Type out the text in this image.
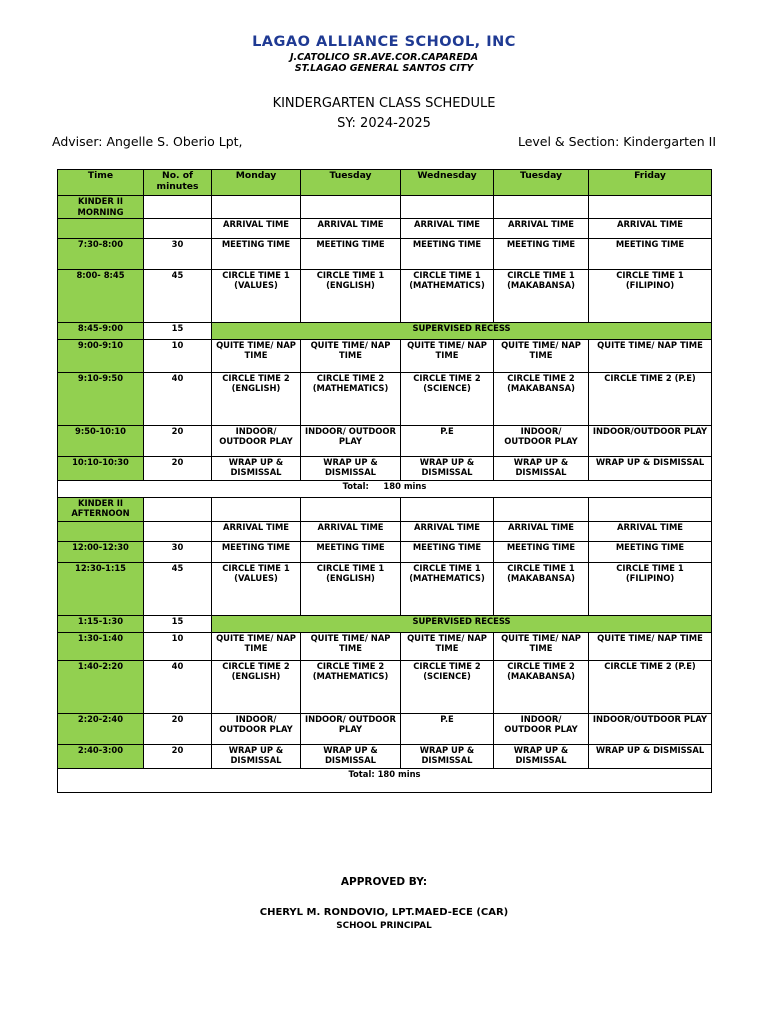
LAGAO ALLIANCE SCHOOL, INC
J.CATOLICO SR.AVE.COR.CAPAREDA
ST.LAGAO GENERAL SANTOS CITY
KINDERGARTEN CLASS SCHEDULE
SY: 2024-2025
Adviser: Angelle S. Oberio Lpt,	Level & Section: Kindergarten II
Time	No. of minutes	Monday	Tuesday	Wednesday	Tuesday	Friday
KINDER II MORNING						
		ARRIVAL TIME	ARRIVAL TIME	ARRIVAL TIME	ARRIVAL TIME	ARRIVAL TIME
7:30-8:00	30	MEETING TIME	MEETING TIME	MEETING TIME	MEETING TIME	MEETING TIME
8:00- 8:45	45	CIRCLE TIME 1 (VALUES)	CIRCLE TIME 1 (ENGLISH)	CIRCLE TIME 1 (MATHEMATICS)	CIRCLE TIME 1 (MAKABANSA)	CIRCLE TIME 1 (FILIPINO)
8:45-9:00	15	SUPERVISED RECESS				
9:00-9:10	10	QUITE TIME/ NAP TIME	QUITE TIME/ NAP TIME	QUITE TIME/ NAP TIME	QUITE TIME/ NAP TIME	QUITE TIME/ NAP TIME
9:10-9:50	40	CIRCLE TIME 2 (ENGLISH)	CIRCLE TIME 2 (MATHEMATICS)	CIRCLE TIME 2 (SCIENCE)	CIRCLE TIME 2 (MAKABANSA)	CIRCLE TIME 2 (P.E)
9:50-10:10	20	INDOOR/ OUTDOOR PLAY	INDOOR/ OUTDOOR PLAY	P.E	INDOOR/ OUTDOOR PLAY	INDOOR/OUTDOOR PLAY
10:10-10:30	20	WRAP UP & DISMISSAL	WRAP UP & DISMISSAL	WRAP UP & DISMISSAL	WRAP UP & DISMISSAL	WRAP UP & DISMISSAL
Total:     180 mins						
KINDER II AFTERNOON						
		ARRIVAL TIME	ARRIVAL TIME	ARRIVAL TIME	ARRIVAL TIME	ARRIVAL TIME
12:00-12:30	30	MEETING TIME	MEETING TIME	MEETING TIME	MEETING TIME	MEETING TIME
12:30-1:15	45	CIRCLE TIME 1 (VALUES)	CIRCLE TIME 1 (ENGLISH)	CIRCLE TIME 1 (MATHEMATICS)	CIRCLE TIME 1 (MAKABANSA)	CIRCLE TIME 1 (FILIPINO)
1:15-1:30	15	SUPERVISED RECESS				
1:30-1:40	10	QUITE TIME/ NAP TIME	QUITE TIME/ NAP TIME	QUITE TIME/ NAP TIME	QUITE TIME/ NAP TIME	QUITE TIME/ NAP TIME
1:40-2:20	40	CIRCLE TIME 2 (ENGLISH)	CIRCLE TIME 2 (MATHEMATICS)	CIRCLE TIME 2 (SCIENCE)	CIRCLE TIME 2 (MAKABANSA)	CIRCLE TIME 2 (P.E)
2:20-2:40	20	INDOOR/ OUTDOOR PLAY	INDOOR/ OUTDOOR PLAY	P.E	INDOOR/ OUTDOOR PLAY	INDOOR/OUTDOOR PLAY
2:40-3:00	20	WRAP UP & DISMISSAL	WRAP UP & DISMISSAL	WRAP UP & DISMISSAL	WRAP UP & DISMISSAL	WRAP UP & DISMISSAL
Total: 180 mins						
APPROVED BY:
CHERYL M. RONDOVIO, LPT.MAED-ECE (CAR)
SCHOOL PRINCIPAL
